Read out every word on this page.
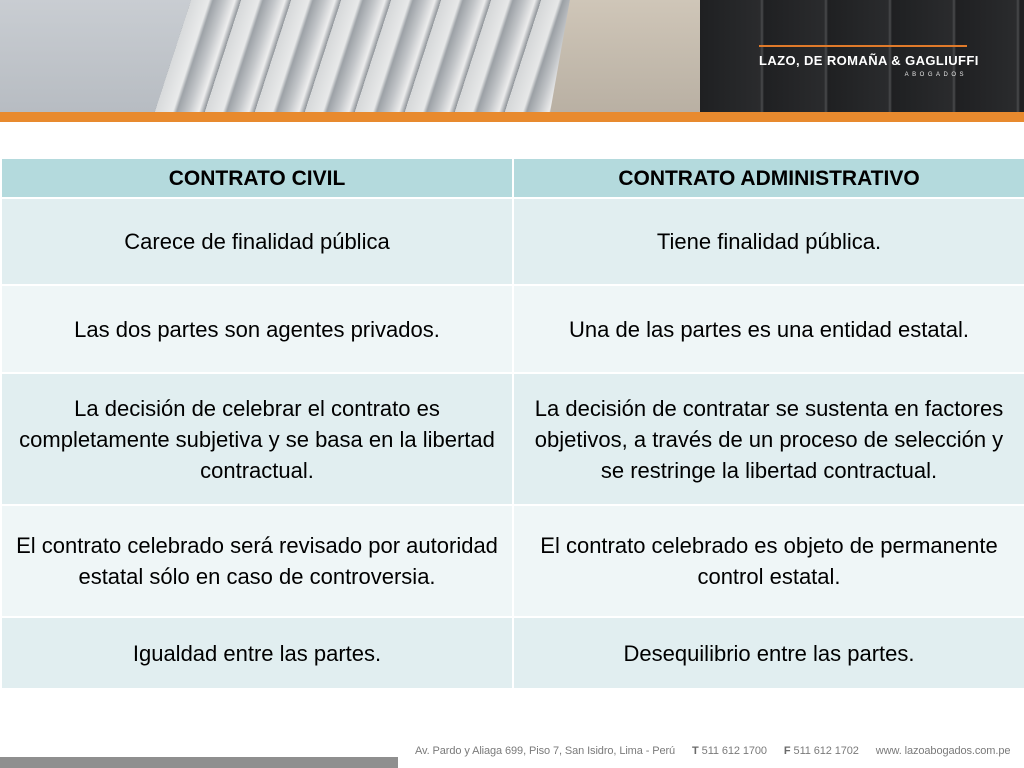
LAZO, DE ROMAÑA & GAGLIUFFI
ABOGADOS
CONTRATO CIVIL	CONTRATO ADMINISTRATIVO
Carece de finalidad pública	Tiene finalidad pública.
Las dos partes son agentes privados.	Una de las partes es una entidad estatal.
La decisión de celebrar el contrato es completamente subjetiva y se basa en la libertad contractual.	La decisión de contratar se sustenta en factores objetivos, a través de un proceso de selección y se restringe la libertad contractual.
El contrato celebrado será revisado por autoridad estatal sólo en caso de controversia.	El contrato celebrado es objeto de permanente control estatal.
Igualdad entre las partes.	Desequilibrio entre las partes.
Av. Pardo y Aliaga 699, Piso 7, San Isidro, Lima - Perú T 511 612 1700 F 511 612 1702 www. lazoabogados.com.pe
